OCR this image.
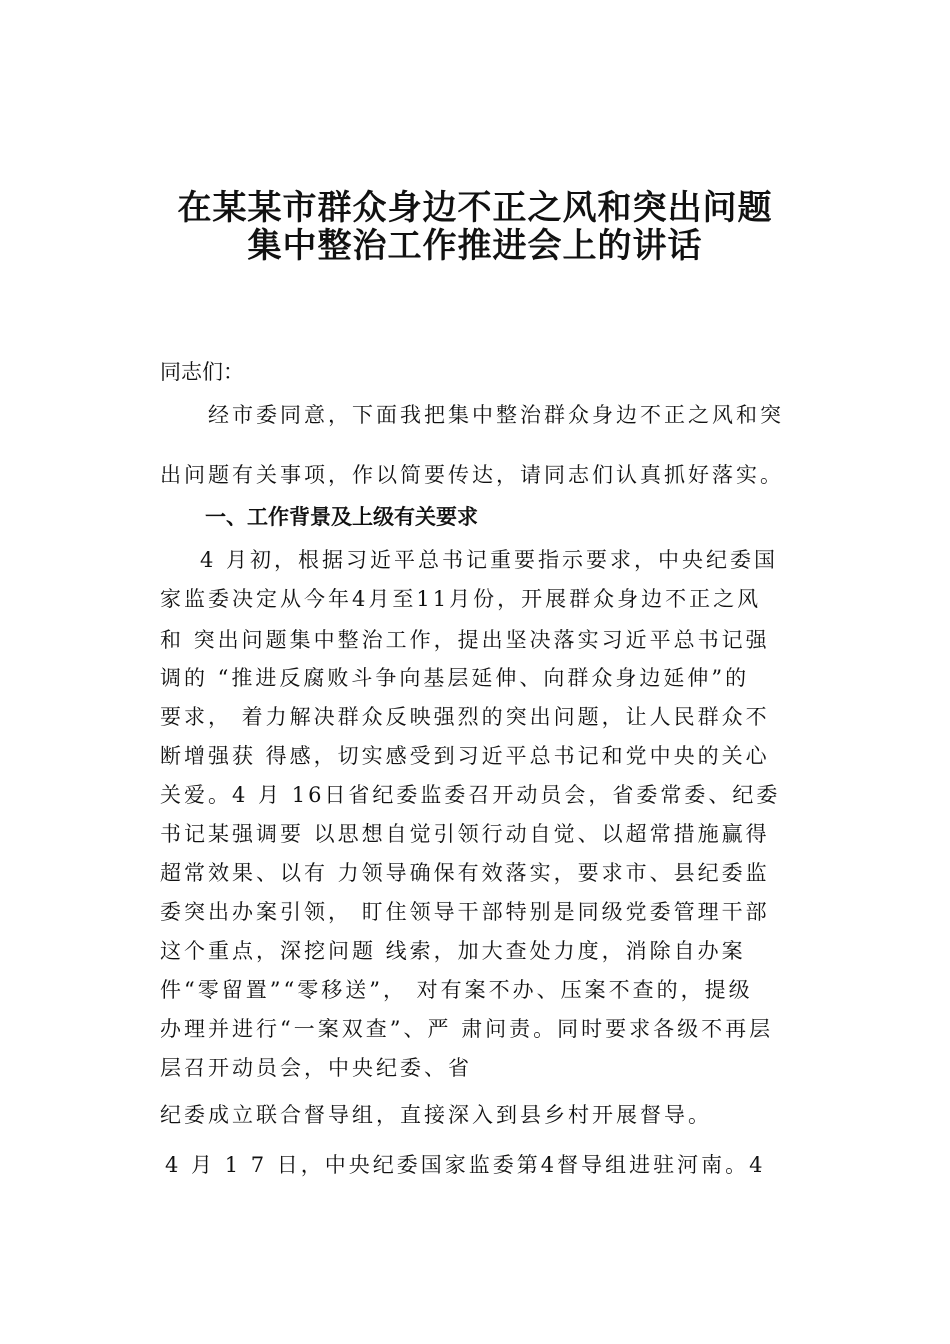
在某某市群众身边不正之风和突出问题
集中整治工作推进会上的讲话
同志们：
经市委同意，下面我把集中整治群众身边不正之风和突
出问题有关事项，作以简要传达，请同志们认真抓好落实。
一、工作背景及上级有关要求
4 月初，根据习近平总书记重要指示要求，中央纪委国
家监委决定从今年4月至11月份，开展群众身边不正之风
和 突出问题集中整治工作，提出坚决落实习近平总书记强
调的 “推进反腐败斗争向基层延伸、向群众身边延伸”的
要求， 着力解决群众反映强烈的突出问题，让人民群众不
断增强获 得感，切实感受到习近平总书记和党中央的关心
关爱。4 月 16日省纪委监委召开动员会，省委常委、纪委
书记某强调要 以思想自觉引领行动自觉、以超常措施赢得
超常效果、以有 力领导确保有效落实，要求市、县纪委监
委突出办案引领， 盯住领导干部特别是同级党委管理干部
这个重点，深挖问题 线索，加大查处力度，消除自办案
件“零留置”“零移送”， 对有案不办、压案不查的，提级
办理并进行“一案双查”、严 肃问责。同时要求各级不再层
层召开动员会，中央纪委、省
纪委成立联合督导组，直接深入到县乡村开展督导。
4 月 1 7 日，中央纪委国家监委第4督导组进驻河南。4
